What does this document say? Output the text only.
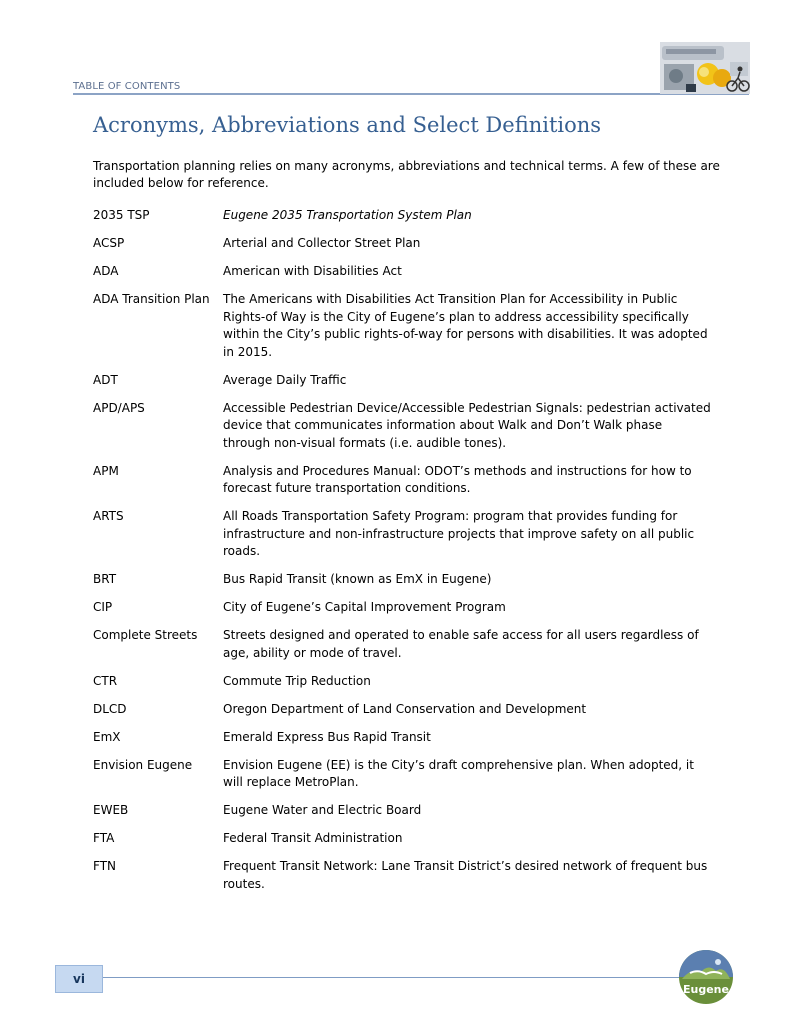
TABLE OF CONTENTS
Acronyms, Abbreviations and Select Definitions

Transportation planning relies on many acronyms, abbreviations and technical terms. A few of these are included below for reference.

2035 TSP	Eugene 2035 Transportation System Plan
ACSP	Arterial and Collector Street Plan
ADA	American with Disabilities Act
ADA Transition Plan	The Americans with Disabilities Act Transition Plan for Accessibility in Public Rights-of Way is the City of Eugene’s plan to address accessibility specifically within the City’s public rights-of-way for persons with disabilities. It was adopted in 2015.
ADT	Average Daily Traffic
APD/APS	Accessible Pedestrian Device/Accessible Pedestrian Signals: pedestrian activated device that communicates information about Walk and Don’t Walk phase through non-visual formats (i.e. audible tones).
APM	Analysis and Procedures Manual: ODOT’s methods and instructions for how to forecast future transportation conditions.
ARTS	All Roads Transportation Safety Program: program that provides funding for infrastructure and non-infrastructure projects that improve safety on all public roads.
BRT	Bus Rapid Transit (known as EmX in Eugene)
CIP	City of Eugene’s Capital Improvement Program
Complete Streets	Streets designed and operated to enable safe access for all users regardless of age, ability or mode of travel.
CTR	Commute Trip Reduction
DLCD	Oregon Department of Land Conservation and Development
EmX	Emerald Express Bus Rapid Transit
Envision Eugene	Envision Eugene (EE) is the City’s draft comprehensive plan. When adopted, it will replace MetroPlan.
EWEB	Eugene Water and Electric Board
FTA	Federal Transit Administration
FTN	Frequent Transit Network: Lane Transit District’s desired network of frequent bus routes.
vi
Eugene
